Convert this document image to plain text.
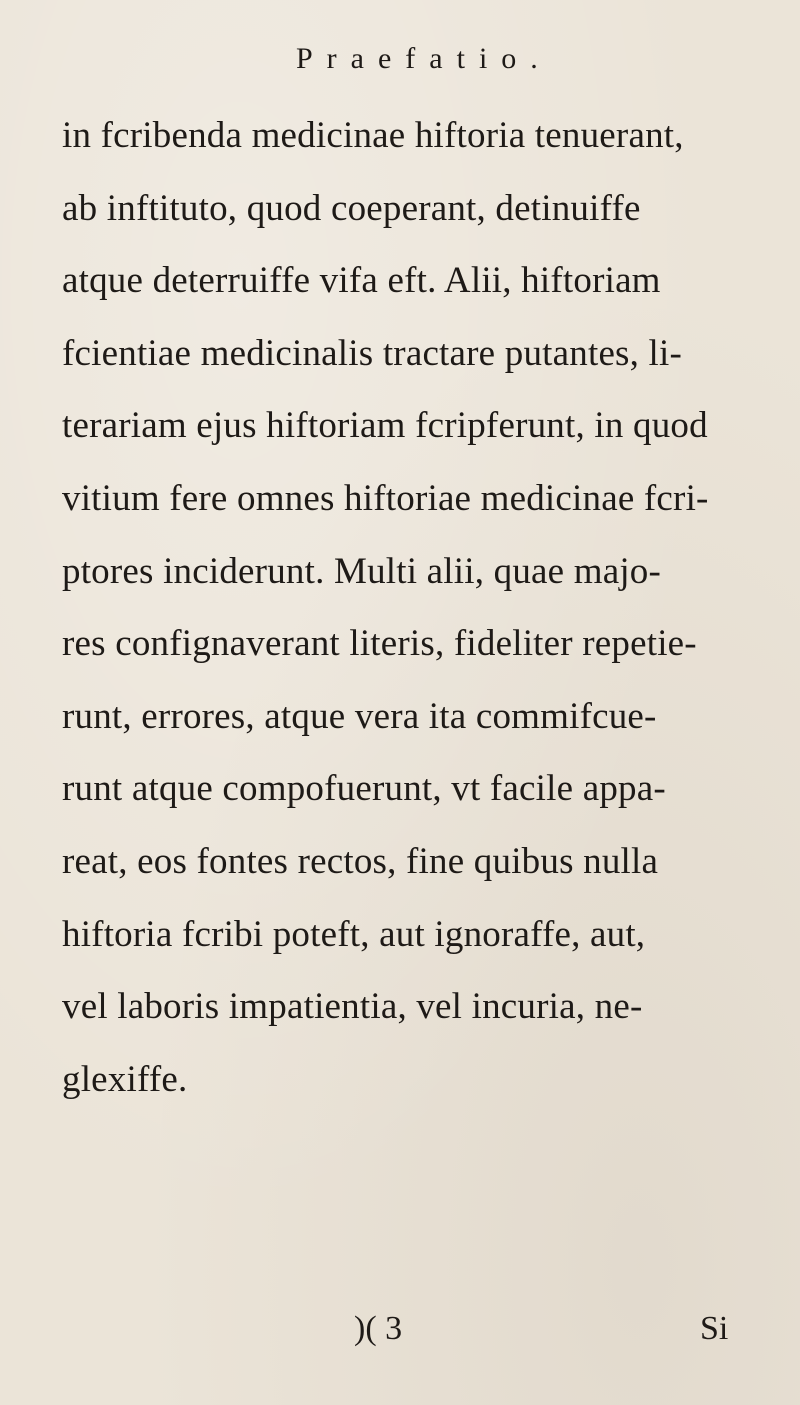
Praefatio.
in fcribenda medicinae hiftoria tenuerant,
ab inftituto, quod coeperant, detinuiffe
atque deterruiffe vifa eft. Alii, hiftoriam
fcientiae medicinalis tractare putantes, li-
terariam ejus hiftoriam fcripferunt, in quod
vitium fere omnes hiftoriae medicinae fcri-
ptores inciderunt. Multi alii, quae majo-
res confignaverant literis, fideliter repetie-
runt, errores, atque vera ita commifcue-
runt atque compofuerunt, vt facile appa-
reat, eos fontes rectos, fine quibus nulla
hiftoria fcribi poteft, aut ignoraffe, aut,
vel laboris impatientia, vel incuria, ne-
glexiffe.
)( 3	Si
